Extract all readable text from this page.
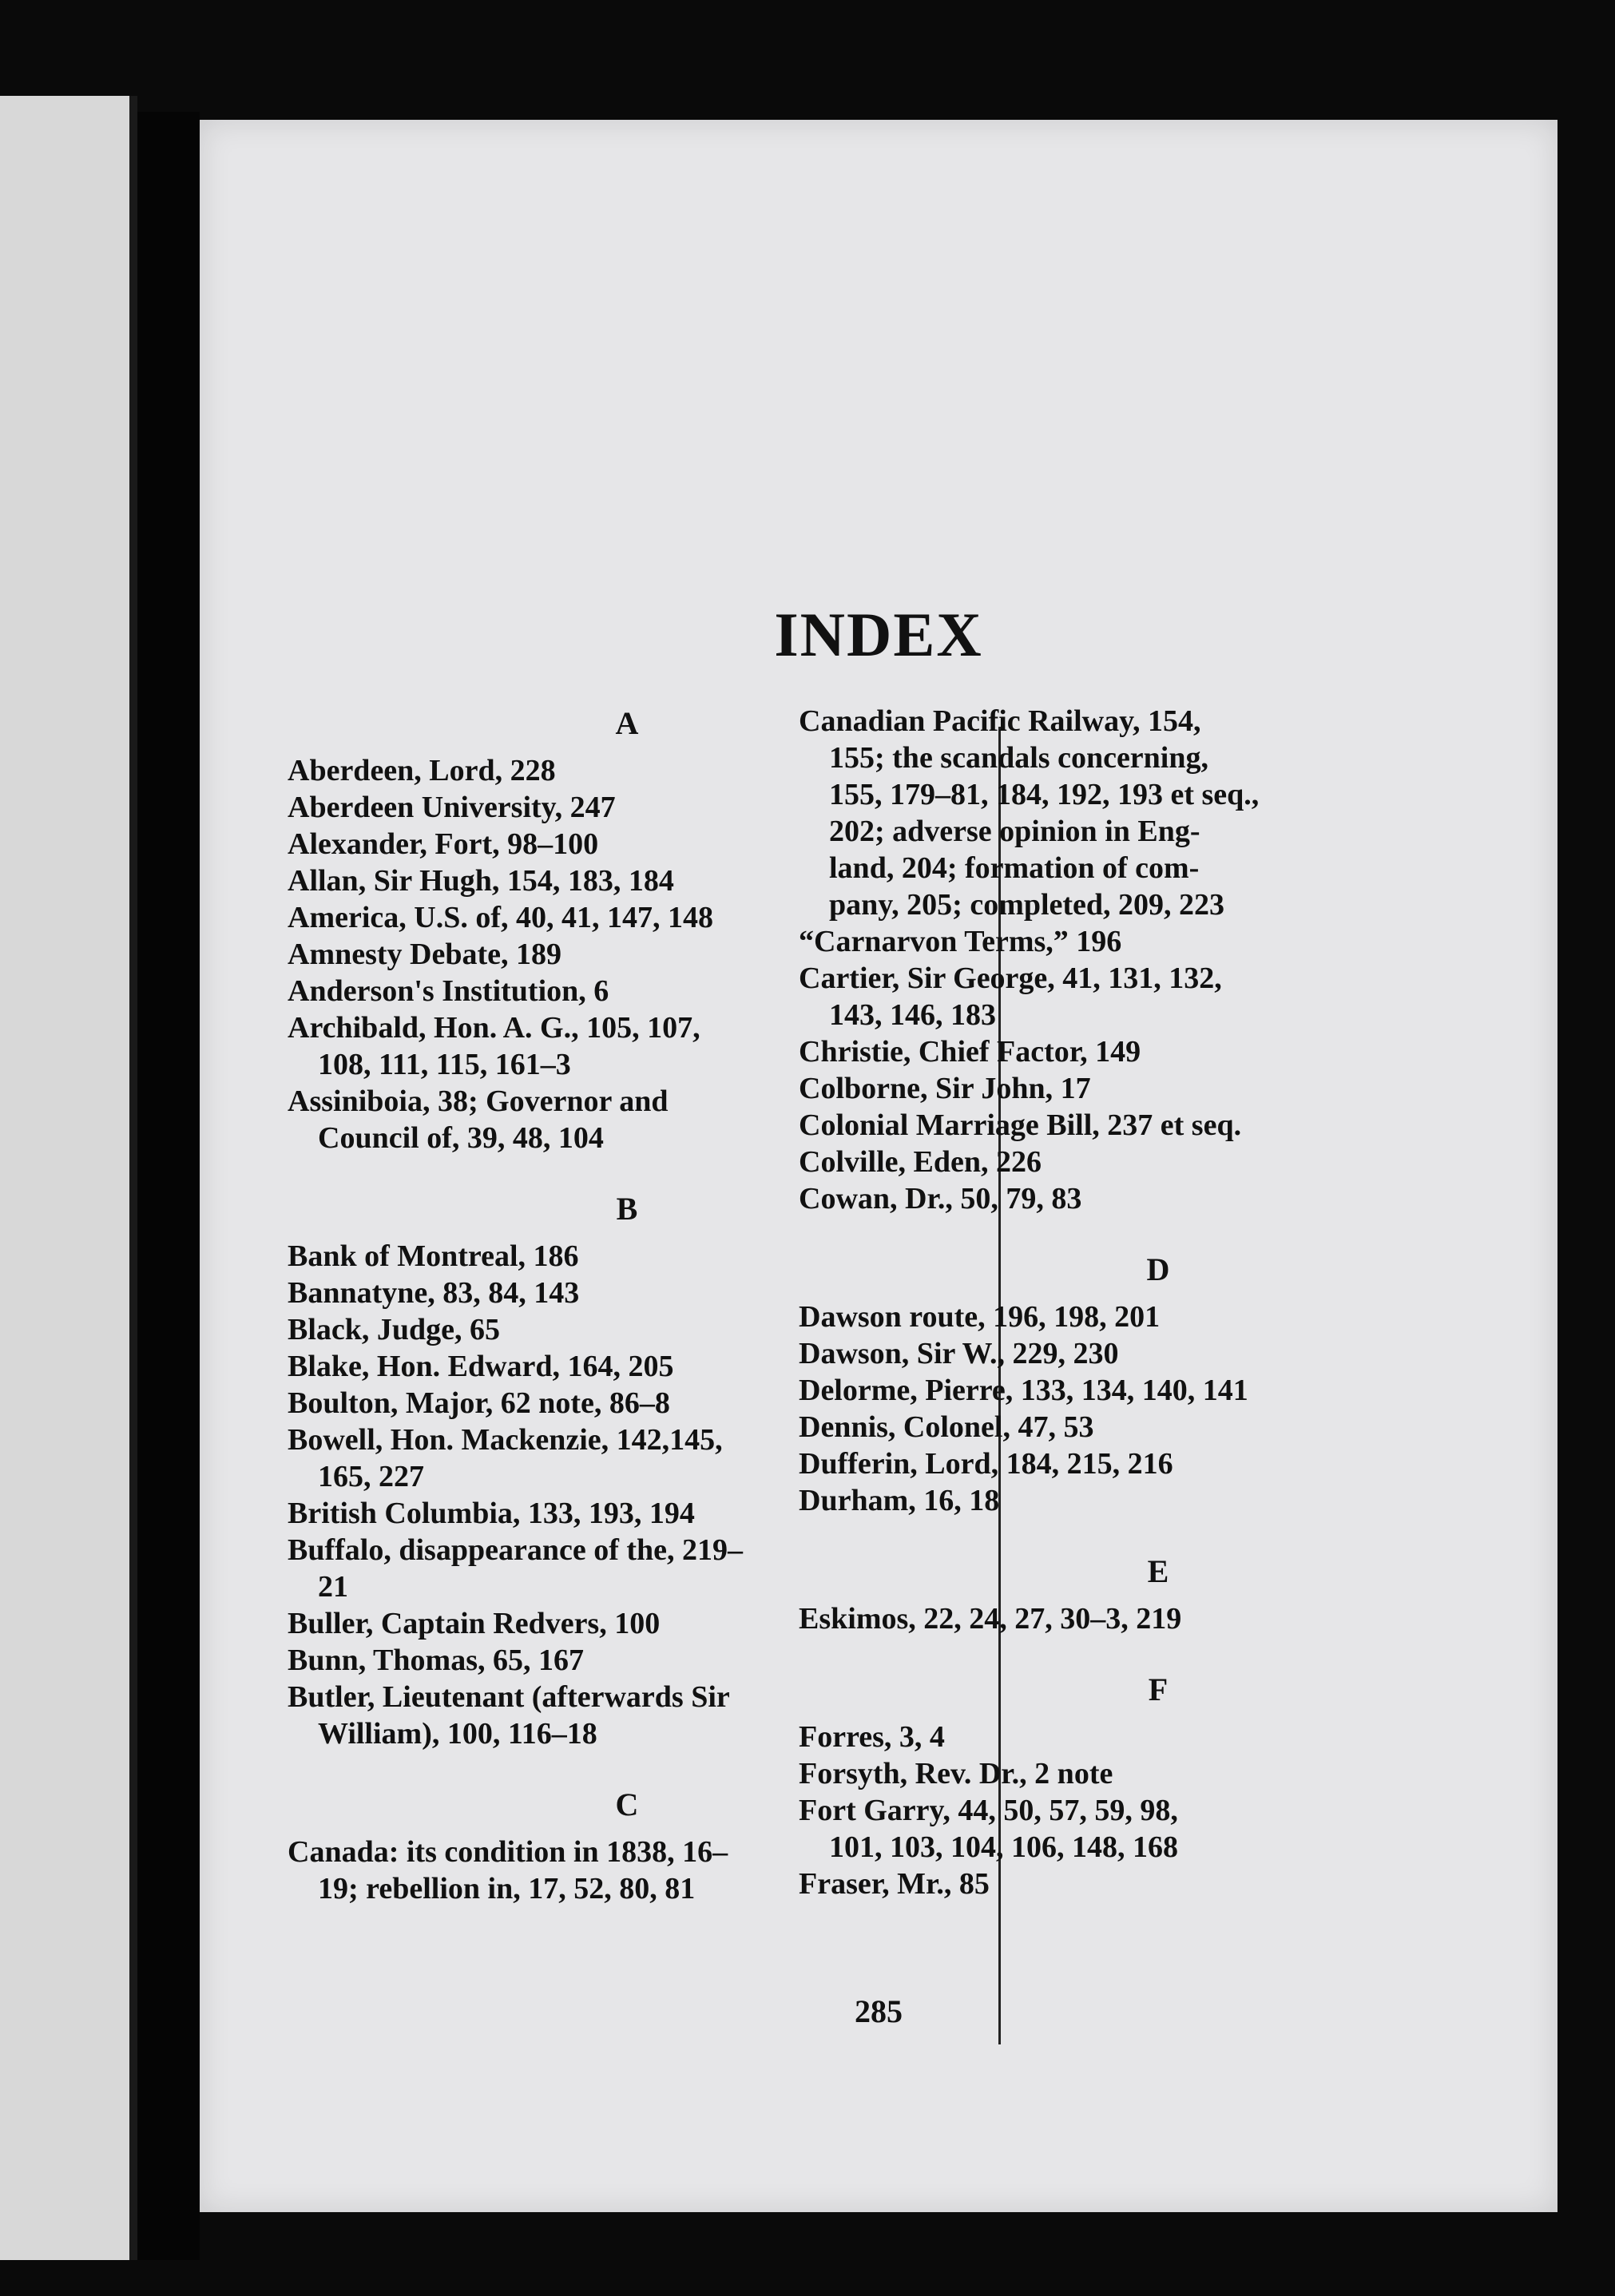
INDEX
A
Aberdeen, Lord, 228
Aberdeen University, 247
Alexander, Fort, 98–100
Allan, Sir Hugh, 154, 183, 184
America, U.S. of, 40, 41, 147, 148
Amnesty Debate, 189
Anderson's Institution, 6
Archibald, Hon. A. G., 105, 107,
108, 111, 115, 161–3
Assiniboia, 38; Governor and
Council of, 39, 48, 104
B
Bank of Montreal, 186
Bannatyne, 83, 84, 143
Black, Judge, 65
Blake, Hon. Edward, 164, 205
Boulton, Major, 62 note, 86–8
Bowell, Hon. Mackenzie, 142,145,
165, 227
British Columbia, 133, 193, 194
Buffalo, disappearance of the, 219–
21
Buller, Captain Redvers, 100
Bunn, Thomas, 65, 167
Butler, Lieutenant (afterwards Sir
William), 100, 116–18
C
Canada: its condition in 1838, 16–
19; rebellion in, 17, 52, 80, 81
Canadian Pacific Railway, 154,
155; the scandals concerning,
155, 179–81, 184, 192, 193 et seq.,
202; adverse opinion in Eng-
land, 204; formation of com-
pany, 205; completed, 209, 223
“Carnarvon Terms,” 196
Cartier, Sir George, 41, 131, 132,
143, 146, 183
Christie, Chief Factor, 149
Colborne, Sir John, 17
Colonial Marriage Bill, 237 et seq.
Colville, Eden, 226
Cowan, Dr., 50, 79, 83
D
Dawson route, 196, 198, 201
Dawson, Sir W., 229, 230
Delorme, Pierre, 133, 134, 140, 141
Dennis, Colonel, 47, 53
Dufferin, Lord, 184, 215, 216
Durham, 16, 18
E
Eskimos, 22, 24, 27, 30–3, 219
F
Forres, 3, 4
Forsyth, Rev. Dr., 2 note
Fort Garry, 44, 50, 57, 59, 98,
101, 103, 104, 106, 148, 168
Fraser, Mr., 85
285
